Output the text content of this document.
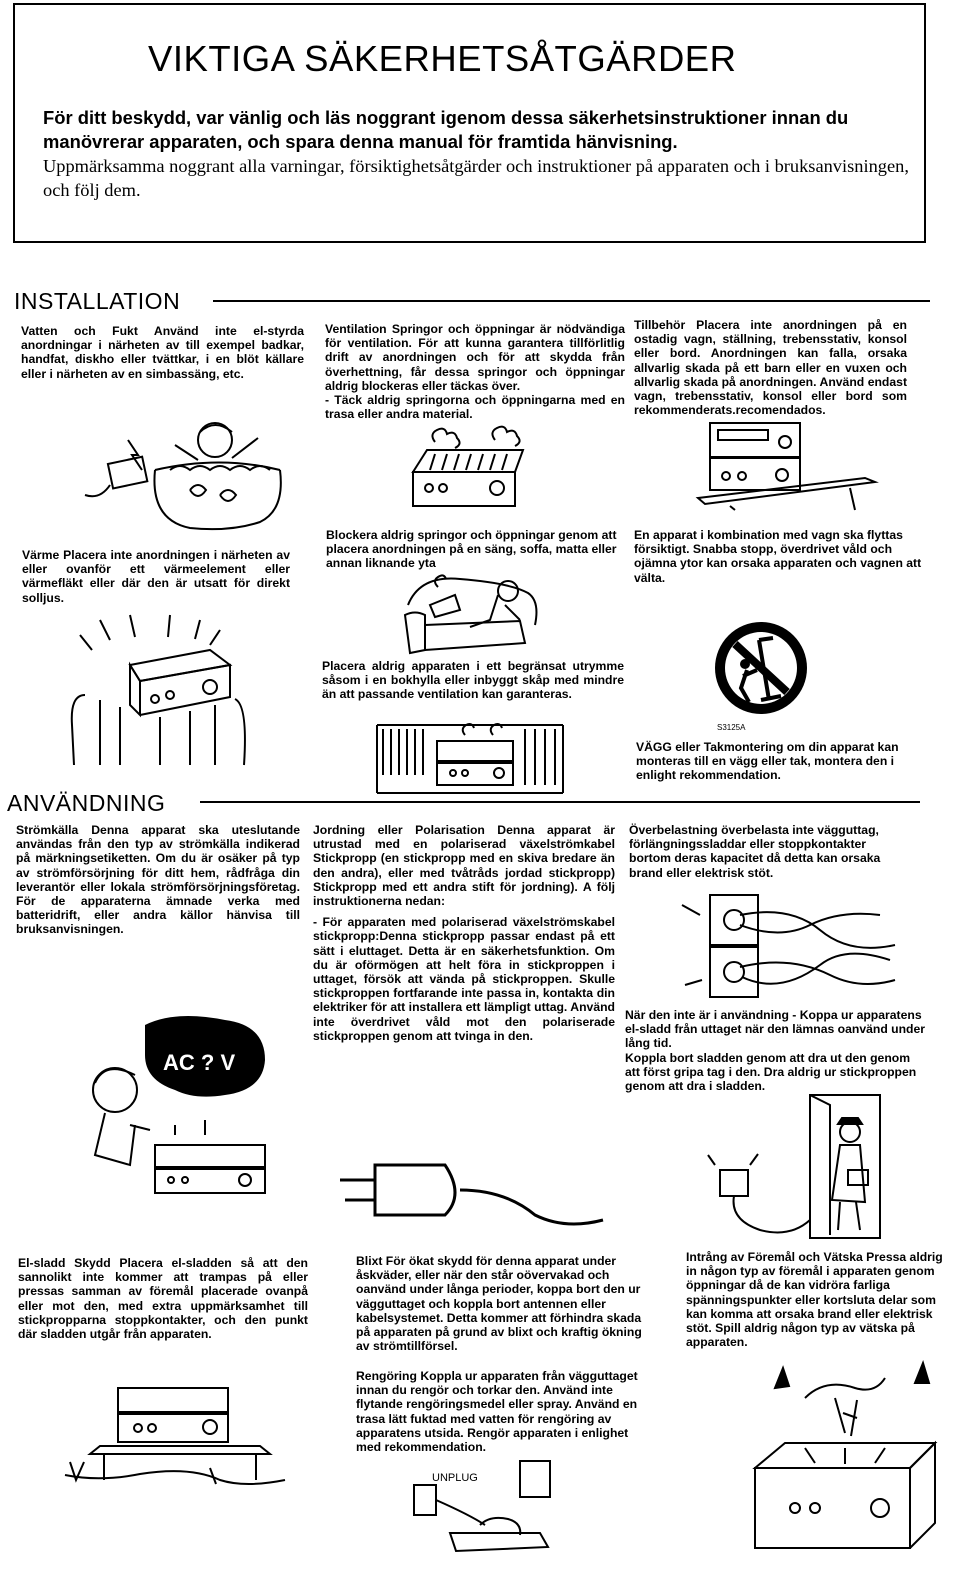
VIKTIGA SÄKERHETSÅTGÄRDER
För ditt beskydd, var vänlig och läs noggrant igenom dessa säkerhetsinstruktioner innan du manövrerar apparaten, och spara denna manual för framtida hänvisning.
Uppmärksamma noggrant alla varningar, försiktighetsåtgärder och instruktioner på apparaten och i bruksanvisningen, och följ dem.
INSTALLATION
Vatten och Fukt Använd inte el-styrda anordningar i närheten av till exempel badkar, handfat, diskho eller tvättkar, i en blöt källare eller i närheten av en simbassäng, etc.

Ventilation Springor och öppningar är nödvändiga för ventilation. För att kunna garantera tillförlitlig drift av anordningen och för att skydda från överhettning, får dessa springor och öppningar aldrig blockeras eller täckas över.

- Täck aldrig springorna och öppningarna med en trasa eller andra material.

Tillbehör Placera inte anordningen på en ostadig vagn, ställning, trebensstativ, konsol eller bord. Anordningen kan falla, orsaka allvarlig skada på ett barn eller en vuxen och allvarlig skada på anordningen. Använd endast vagn, trebensstativ, konsol eller bord som rekommenderats.recomendados.
Värme Placera inte anordningen i närheten av eller ovanför ett värmeelement eller värmefläkt eller där den är utsatt för direkt solljus.
Blockera aldrig springor och öppningar genom att placera anordningen på en säng, soffa, matta eller annan liknande yta
En apparat i kombination med vagn ska flyttas försiktigt. Snabba stopp, överdrivet våld och ojämna ytor kan orsaka apparaten och vagnen att välta.
Placera aldrig apparaten i ett begränsat utrymme såsom i en bokhylla eller inbyggt skåp med mindre än att passande ventilation kan garanteras.
VÄGG eller Takmontering om din apparat kan monteras till en vägg eller tak, montera den i enlight rekommendation.
ANVÄNDNING
Strömkälla Denna apparat ska uteslutande användas från den typ av strömkälla indikerad på märkningsetiketten. Om du är osäker på typ av strömförsörjning för ditt hem, rådfråga din leverantör eller lokala strömförsörjningsföretag. För de apparaterna ämnade verka med batteridrift, eller andra källor hänvisa till bruksanvisningen.

Jordning eller Polarisation Denna apparat är utrustad med en polariserad växelströmkabel Stickpropp (en stickpropp med en skiva bredare än den andra), eller med tvåtråds jordad stickpropp) Stickpropp med ett andra stift för jordning). A följ instruktionerna nedan:

- För apparaten med polariserad växelströmskabel stickpropp:Denna stickpropp passar endast på ett sätt i eluttaget. Detta är en säkerhetsfunktion. Om du är oförmögen att helt föra in stickproppen i uttaget, försök att vända på stickproppen. Skulle stickproppen fortfarande inte passa in, kontakta din elektriker för att installera ett lämpligt uttag. Använd inte överdrivet våld mot den polariserade stickproppen genom att tvinga in den.

Överbelastning överbelasta inte vägguttag, förlängningssladdar eller stoppkontakter bortom deras kapacitet då detta kan orsaka brand eller elektrisk stöt.

När den inte är i användning - Koppa ur apparatens el-sladd från uttaget när den lämnas oanvänd under lång tid.

Koppla bort sladden genom att dra ut den genom att först gripa tag i den. Dra aldrig ur stickproppen genom att dra i sladden.

El-sladd Skydd Placera el-sladden så att den sannolikt inte kommer att trampas på eller pressas samman av föremål placerade ovanpå eller mot den, med extra uppmärksamhet till stickpropparna stoppkontakter, och den punkt där sladden utgår från apparaten.
Blixt För ökat skydd för denna apparat under åskväder, eller när den står oövervakad och oanvänd under långa perioder, koppa bort den ur vägguttaget och koppla bort antennen eller kabelsystemet. Detta kommer att förhindra skada på apparaten på grund av blixt och kraftig ökning av strömtillförsel.
Rengöring Koppla ur apparaten från vägguttaget innan du rengör och torkar den. Använd inte flytande rengöringsmedel eller spray. Använd en trasa lätt fuktad med vatten för rengöring av apparatens utsida. Rengör apparaten i enlighet med rekommendation.
Intrång av Föremål och Vätska Pressa aldrig in någon typ av föremål i apparaten genom öppningar då de kan vidröra farliga spänningspunkter eller kortsluta delar som kan komma att orsaka brand eller elektrisk stöt. Spill aldrig någon typ av vätska på apparaten.
S3125A
AC ? V
UNPLUG
